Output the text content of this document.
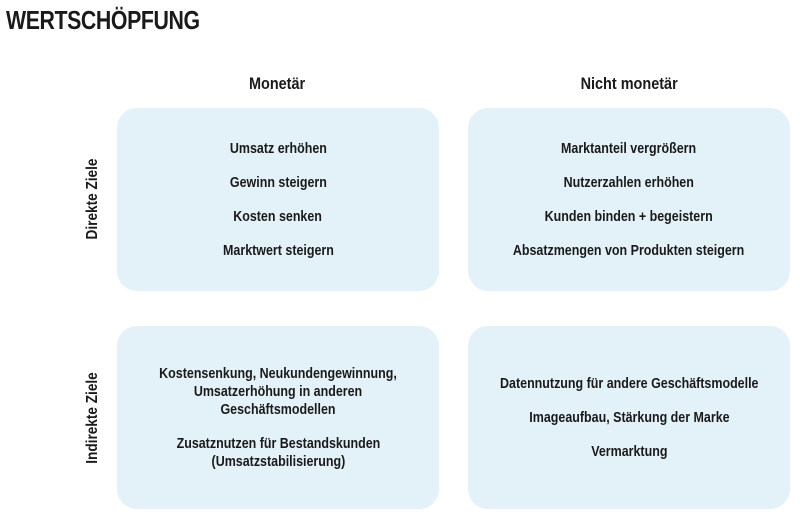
WERTSCHÖPFUNG
Monetär	Nicht monetär
Direkte Ziele
Indirekte Ziele
Umsatz erhöhen
Gewinn steigern
Kosten senken
Marktwert steigern
Marktanteil vergrößern
Nutzerzahlen erhöhen
Kunden binden + begeistern
Absatzmengen von Produkten steigern
Kostensenkung, Neukundengewinnung,
Umsatzerhöhung in anderen Geschäftsmodellen
Zusatznutzen für Bestandskunden
(Umsatzstabilisierung)
Datennutzung für andere Geschäftsmodelle
Imageaufbau, Stärkung der Marke
Vermarktung
